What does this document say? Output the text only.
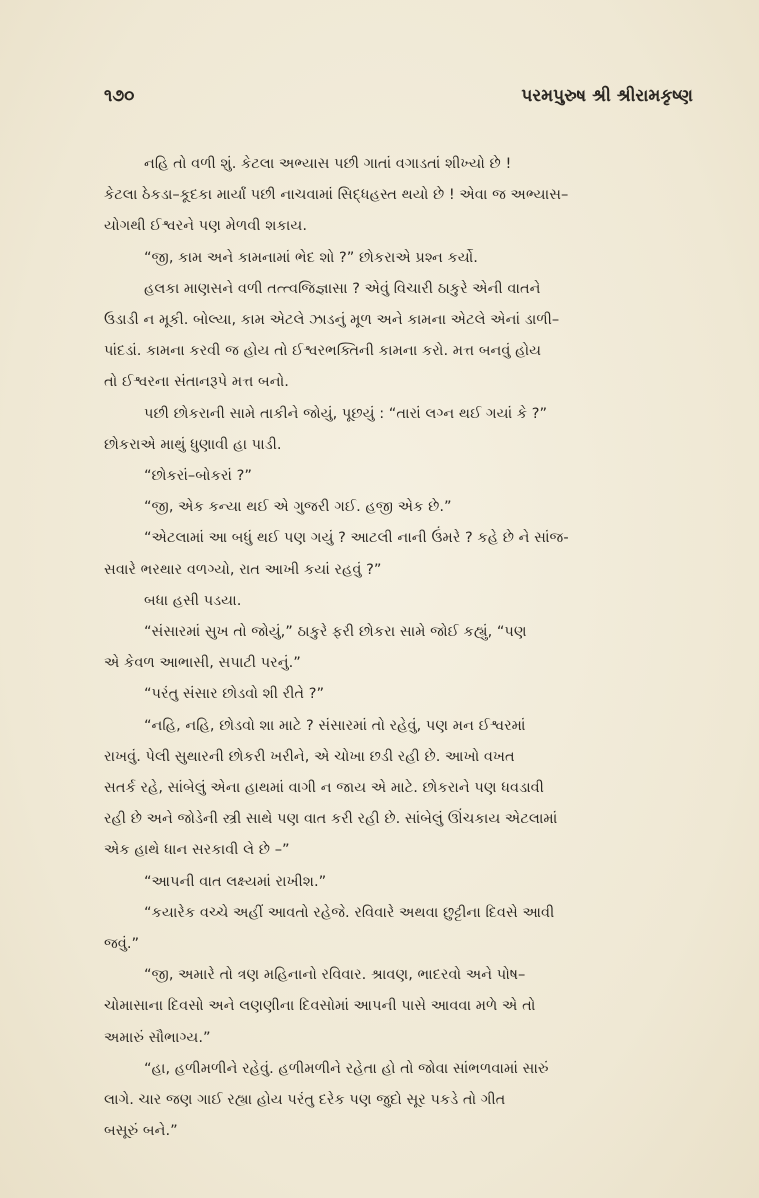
૧૭૦	પરમપુરુષ શ્રી શ્રીરામકૃષ્ણ

નહિ તો વળી શું. કેટલા અભ્યાસ પછી ગાતાં વગાડતાં શીખ્યો છે !
કેટલા ઠેકડા–કૂદકા માર્યાં પછી નાચવામાં સિદ્ધહસ્ત થયો છે ! એવા જ અભ્યાસ–
યોગથી ઈશ્વરને પણ મેળવી શકાય.

“જી, કામ અને કામનામાં ભેદ શો ?” છોકરાએ પ્રશ્ન કર્યો.

હલકા માણસને વળી તત્ત્વજિજ્ઞાસા ? એવું વિચારી ઠાકુરે એની વાતને
ઉડાડી ન મૂકી. બોલ્યા, કામ એટલે ઝાડનું મૂળ અને કામના એટલે એનાં ડાળી–
પાંદડાં. કામના કરવી જ હોય તો ઈશ્વરભક્તિની કામના કરો. મત્ત બનવું હોય
તો ઈશ્વરના સંતાનરૂપે મત્ત બનો.

પછી છોકરાની સામે તાકીને જોયું, પૂછયું : “તારાં લગ્ન થઈ ગયાં કે ?”
છોકરાએ માથું ધુણાવી હા પાડી.

“છોકરાં–બોકરાં ?”

“જી, એક કન્યા થઈ એ ગુજરી ગઈ. હજી એક છે.”

“એટલામાં આ બધું થઈ પણ ગયું ? આટલી નાની ઉંમરે ? કહે છે ને સાંજ-
સવારે ભરથાર વળગ્યો, રાત આખી કયાં રહવું ?”

બધા હસી પડયા.

“સંસારમાં સુખ તો જોયું,” ઠાકુરે ફરી છોકરા સામે જોઈ કહ્યું, “પણ
એ કેવળ આભાસી, સપાટી પરનું.”

“પરંતુ સંસાર છોડવો શી રીતે ?”

“નહિ, નહિ, છોડવો શા માટે ? સંસારમાં તો રહેવું, પણ મન ઈશ્વરમાં
રાખવું. પેલી સુથારની છોકરી ખરીને, એ ચોખા છડી રહી છે. આખો વખત
સતર્ક રહે, સાંબેલું એના હાથમાં વાગી ન જાય એ માટે. છોકરાને પણ ધવડાવી
રહી છે અને જોડેની સ્ત્રી સાથે પણ વાત કરી રહી છે. સાંબેલું ઊંચકાય એટલામાં
એક હાથે ધાન સરકાવી લે છે –”

“આપની વાત લક્ષ્યમાં રાખીશ.”

“કયારેક વચ્ચે અહીં આવતો રહેજે. રવિવારે અથવા છુટ્ટીના દિવસે આવી
જવું.”

“જી, અમારે તો ત્રણ મહિનાનો રવિવાર. શ્રાવણ, ભાદરવો અને પોષ–
ચોમાસાના દિવસો અને લણણીના દિવસોમાં આપની પાસે આવવા મળે એ તો
અમારું સૌભાગ્ય.”

“હા, હળીમળીને રહેવું. હળીમળીને રહેતા હો તો જોવા સાંભળવામાં સારું
લાગે. ચાર જણ ગાઈ રહ્યા હોય પરંતુ દરેક પણ જુદો સૂર પકડે તો ગીત
બસૂરું બને.”
